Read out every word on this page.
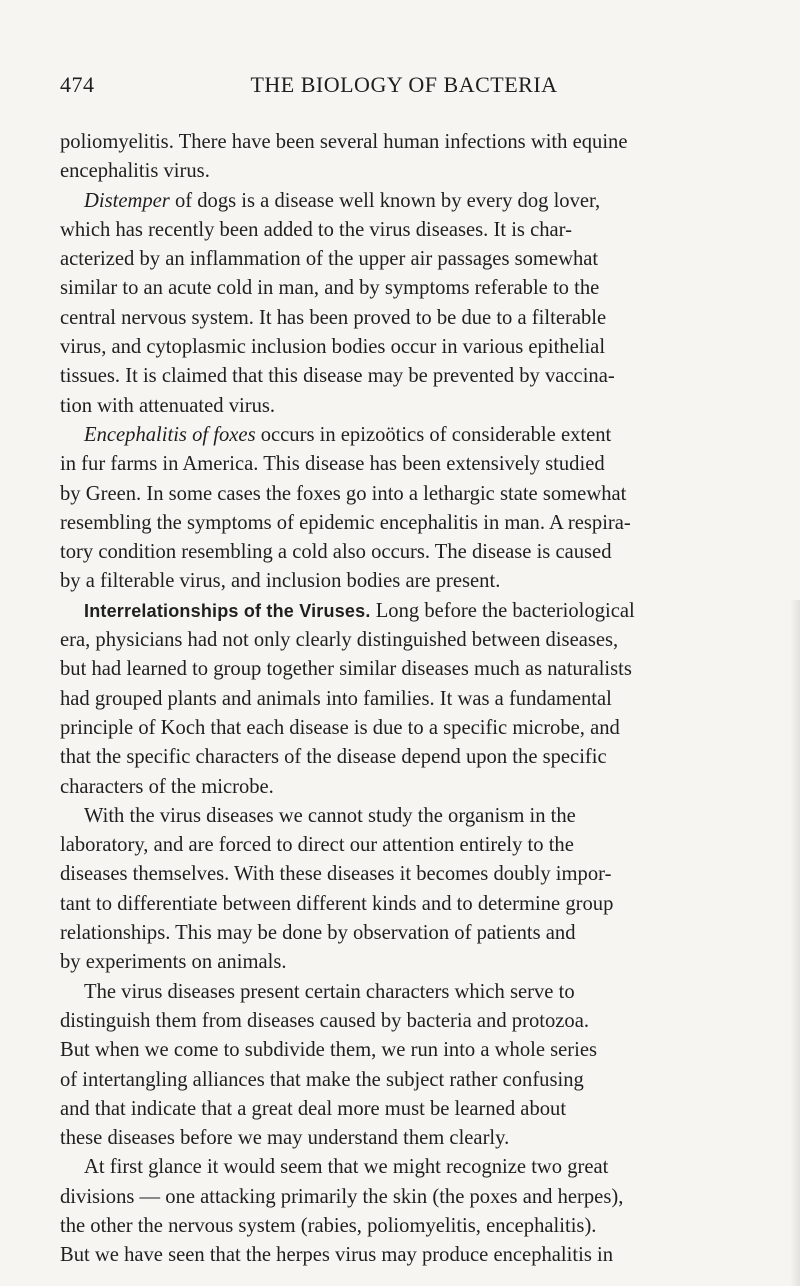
474	THE BIOLOGY OF BACTERIA
poliomyelitis. There have been several human infections with equine
encephalitis virus.
Distemper of dogs is a disease well known by every dog lover,
which has recently been added to the virus diseases. It is char-
acterized by an inflammation of the upper air passages somewhat
similar to an acute cold in man, and by symptoms referable to the
central nervous system. It has been proved to be due to a filterable
virus, and cytoplasmic inclusion bodies occur in various epithelial
tissues. It is claimed that this disease may be prevented by vaccina-
tion with attenuated virus.
Encephalitis of foxes occurs in epizoötics of considerable extent
in fur farms in America. This disease has been extensively studied
by Green. In some cases the foxes go into a lethargic state somewhat
resembling the symptoms of epidemic encephalitis in man. A respira-
tory condition resembling a cold also occurs. The disease is caused
by a filterable virus, and inclusion bodies are present.
Interrelationships of the Viruses. Long before the bacteriological
era, physicians had not only clearly distinguished between diseases,
but had learned to group together similar diseases much as naturalists
had grouped plants and animals into families. It was a fundamental
principle of Koch that each disease is due to a specific microbe, and
that the specific characters of the disease depend upon the specific
characters of the microbe.
With the virus diseases we cannot study the organism in the
laboratory, and are forced to direct our attention entirely to the
diseases themselves. With these diseases it becomes doubly impor-
tant to differentiate between different kinds and to determine group
relationships. This may be done by observation of patients and
by experiments on animals.
The virus diseases present certain characters which serve to
distinguish them from diseases caused by bacteria and protozoa.
But when we come to subdivide them, we run into a whole series
of intertangling alliances that make the subject rather confusing
and that indicate that a great deal more must be learned about
these diseases before we may understand them clearly.
At first glance it would seem that we might recognize two great
divisions — one attacking primarily the skin (the poxes and herpes),
the other the nervous system (rabies, poliomyelitis, encephalitis).
But we have seen that the herpes virus may produce encephalitis in
